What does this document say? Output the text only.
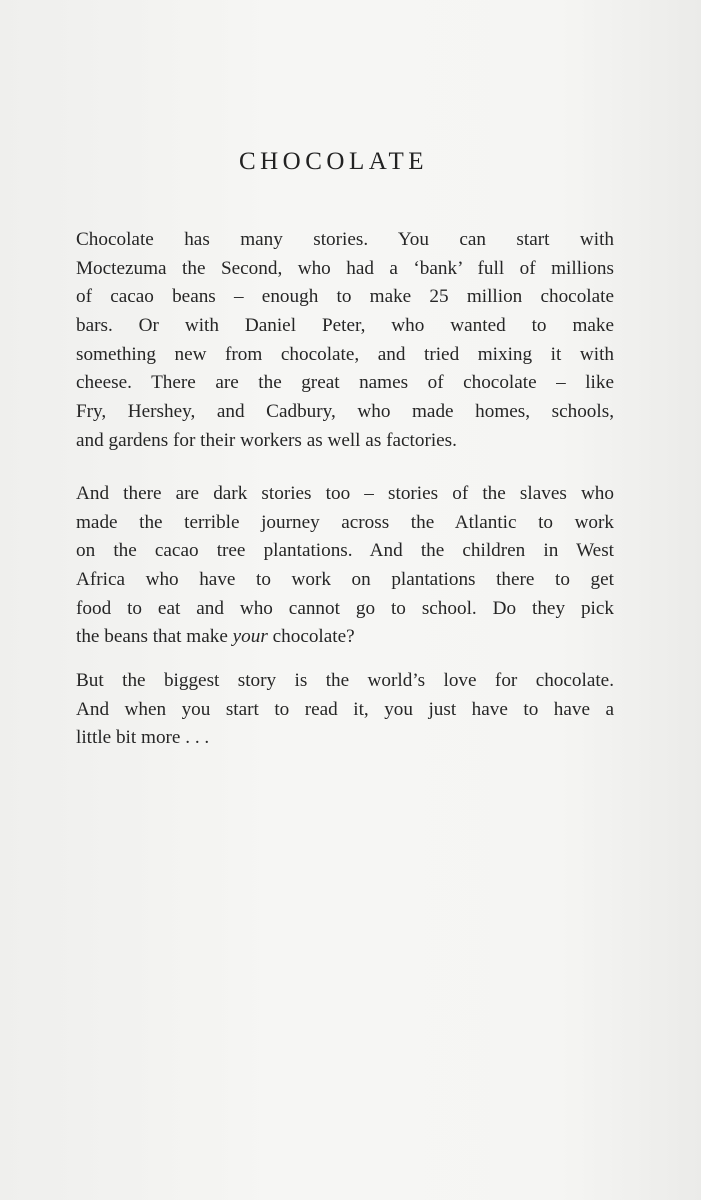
CHOCOLATE
Chocolate has many stories. You can start with
Moctezuma the Second, who had a ‘bank’ full of millions
of cacao beans – enough to make 25 million chocolate
bars. Or with Daniel Peter, who wanted to make
something new from chocolate, and tried mixing it with
cheese. There are the great names of chocolate – like
Fry, Hershey, and Cadbury, who made homes, schools,
and gardens for their workers as well as factories.
And there are dark stories too – stories of the slaves who
made the terrible journey across the Atlantic to work
on the cacao tree plantations. And the children in West
Africa who have to work on plantations there to get
food to eat and who cannot go to school. Do they pick
the beans that make your chocolate?
But the biggest story is the world’s love for chocolate.
And when you start to read it, you just have to have a
little bit more . . .
